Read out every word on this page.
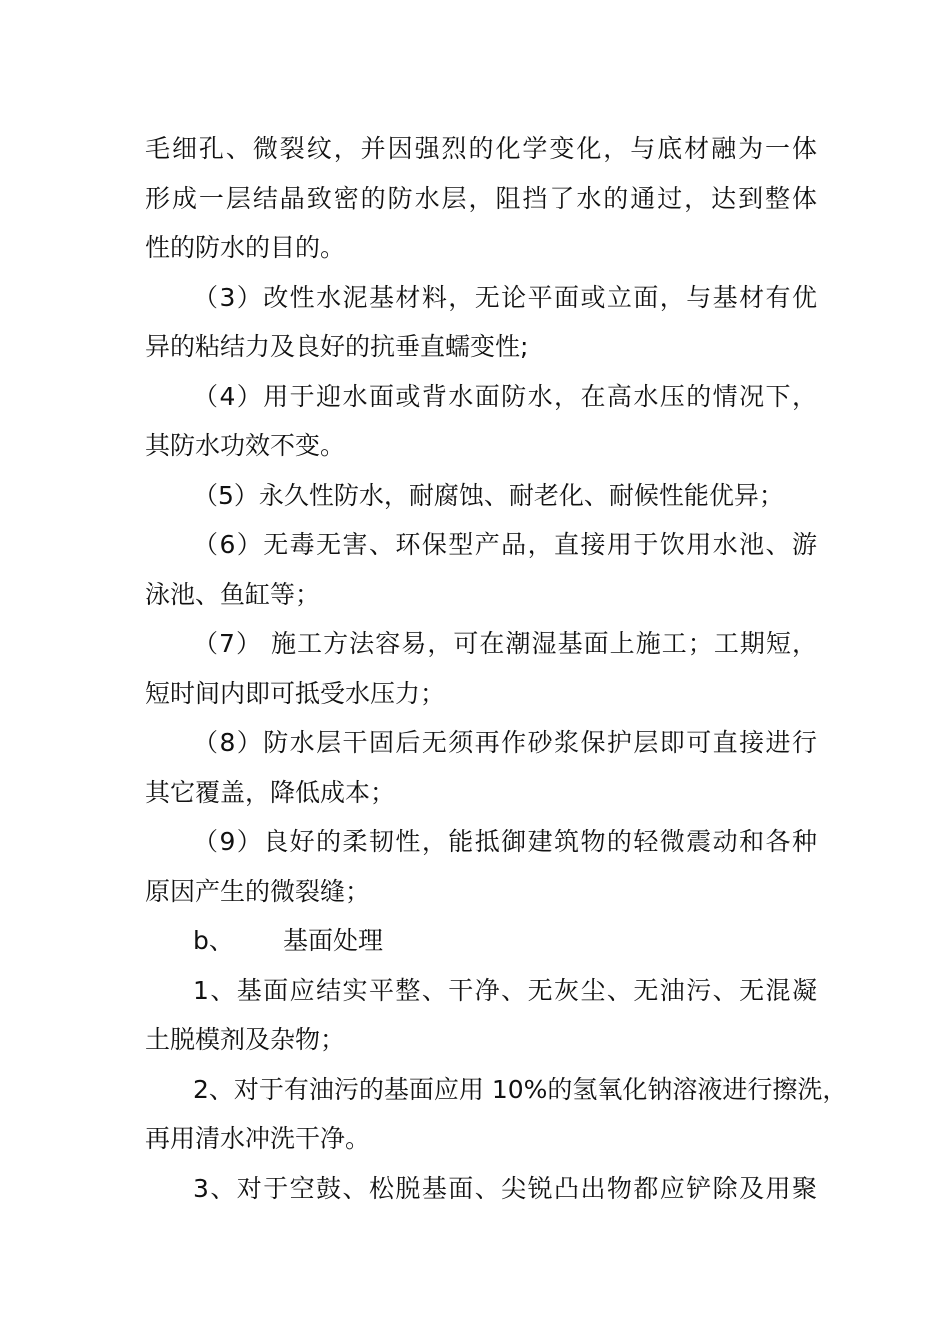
毛细孔、微裂纹，并因强烈的化学变化，与底材融为一体
形成一层结晶致密的防水层，阻挡了水的通过，达到整体
性的防水的目的。
（3）改性水泥基材料，无论平面或立面，与基材有优
异的粘结力及良好的抗垂直蠕变性;
（4）用于迎水面或背水面防水，在高水压的情况下，
其防水功效不变。
（5）永久性防水，耐腐蚀、耐老化、耐候性能优异；
（6）无毒无害、环保型产品，直接用于饮用水池、游
泳池、鱼缸等；
（7） 施工方法容易，可在潮湿基面上施工；工期短，
短时间内即可抵受水压力；
（8）防水层干固后无须再作砂浆保护层即可直接进行
其它覆盖，降低成本；
（9）良好的柔韧性，能抵御建筑物的轻微震动和各种
原因产生的微裂缝；
b、 基面处理
1、基面应结实平整、干净、无灰尘、无油污、无混凝
土脱模剂及杂物；
2、对于有油污的基面应用 10%的氢氧化钠溶液进行擦洗，
再用清水冲洗干净。
3、对于空鼓、松脱基面、尖锐凸出物都应铲除及用聚
